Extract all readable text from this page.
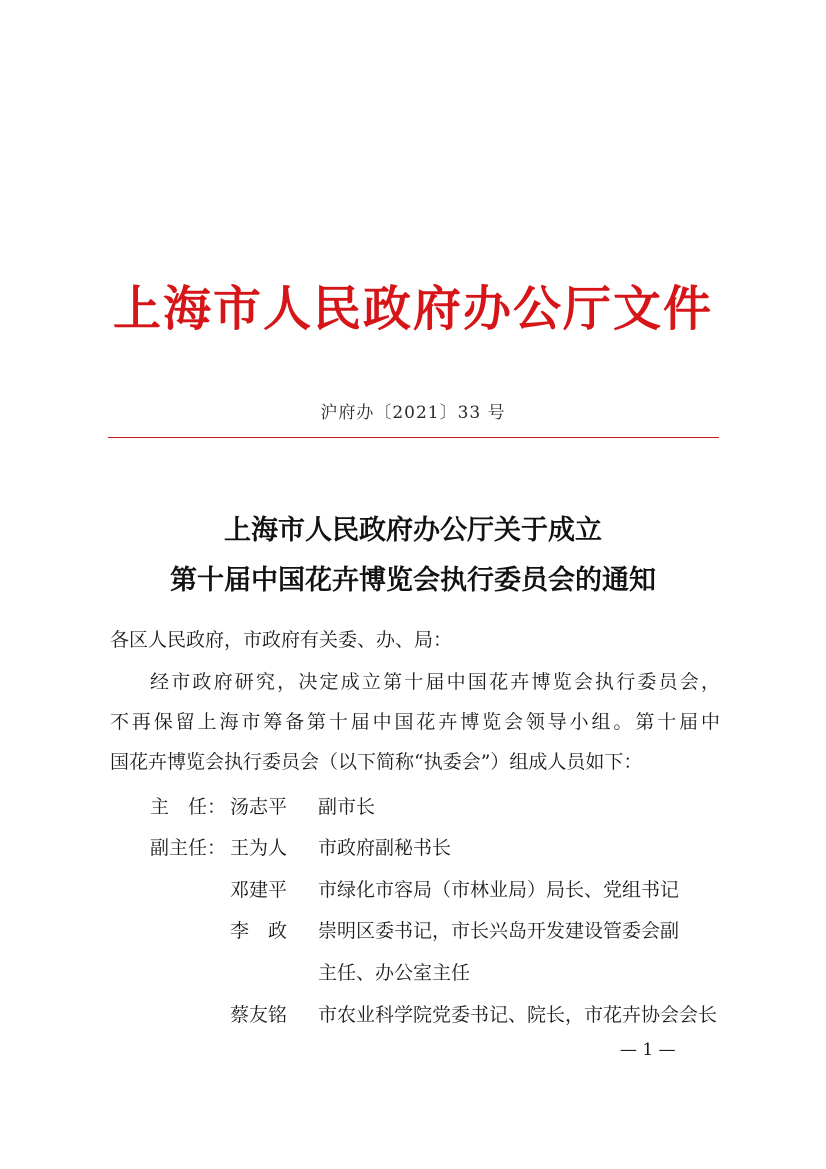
上海市人民政府办公厅文件
沪府办〔2021〕33 号
上海市人民政府办公厅关于成立
第十届中国花卉博览会执行委员会的通知
各区人民政府，市政府有关委、办、局：
经市政府研究，决定成立第十届中国花卉博览会执行委员会，
不再保留上海市筹备第十届中国花卉博览会领导小组。第十届中
国花卉博览会执行委员会（以下简称“执委会”）组成人员如下：
主　任： 汤志平 副市长
副主任： 王为人 市政府副秘书长
邓建平 市绿化市容局（市林业局）局长、党组书记
李　政 崇明区委书记，市长兴岛开发建设管委会副
主任、办公室主任
蔡友铭 市农业科学院党委书记、院长，市花卉协会会长
— 1 —
